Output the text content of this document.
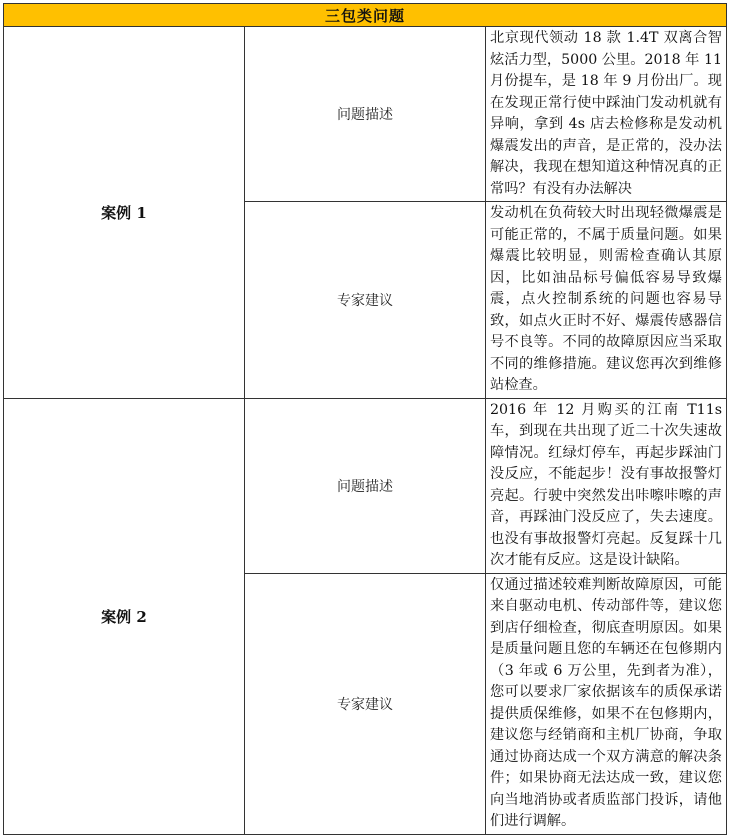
三包类问题		
案例 1	问题描述	北京现代领动 18 款 1.4T 双离合智炫活力型，5000 公里。2018 年 11 月份提车，是 18 年 9 月份出厂。现在发现正常行使中踩油门发动机就有异响，拿到 4s 店去检修称是发动机爆震发出的声音，是正常的，没办法解决，我现在想知道这种情况真的正常吗？有没有办法解决
	专家建议	发动机在负荷较大时出现轻微爆震是可能正常的，不属于质量问题。如果爆震比较明显，则需检查确认其原因，比如油品标号偏低容易导致爆震，点火控制系统的问题也容易导致，如点火正时不好、爆震传感器信号不良等。不同的故障原因应当采取不同的维修措施。建议您再次到维修站检查。
案例 2	问题描述	2016 年 12 月购买的江南 T11s 车，到现在共出现了近二十次失速故障情况。红绿灯停车，再起步踩油门没反应，不能起步！没有事故报警灯亮起。行驶中突然发出咔嚓咔嚓的声音，再踩油门没反应了，失去速度。也没有事故报警灯亮起。反复踩十几次才能有反应。这是设计缺陷。
	专家建议	仅通过描述较难判断故障原因，可能来自驱动电机、传动部件等，建议您到店仔细检查，彻底查明原因。如果是质量问题且您的车辆还在包修期内（3 年或 6 万公里，先到者为准），您可以要求厂家依据该车的质保承诺提供质保维修，如果不在包修期内，建议您与经销商和主机厂协商，争取通过协商达成一个双方满意的解决条件；如果协商无法达成一致，建议您向当地消协或者质监部门投诉，请他们进行调解。
